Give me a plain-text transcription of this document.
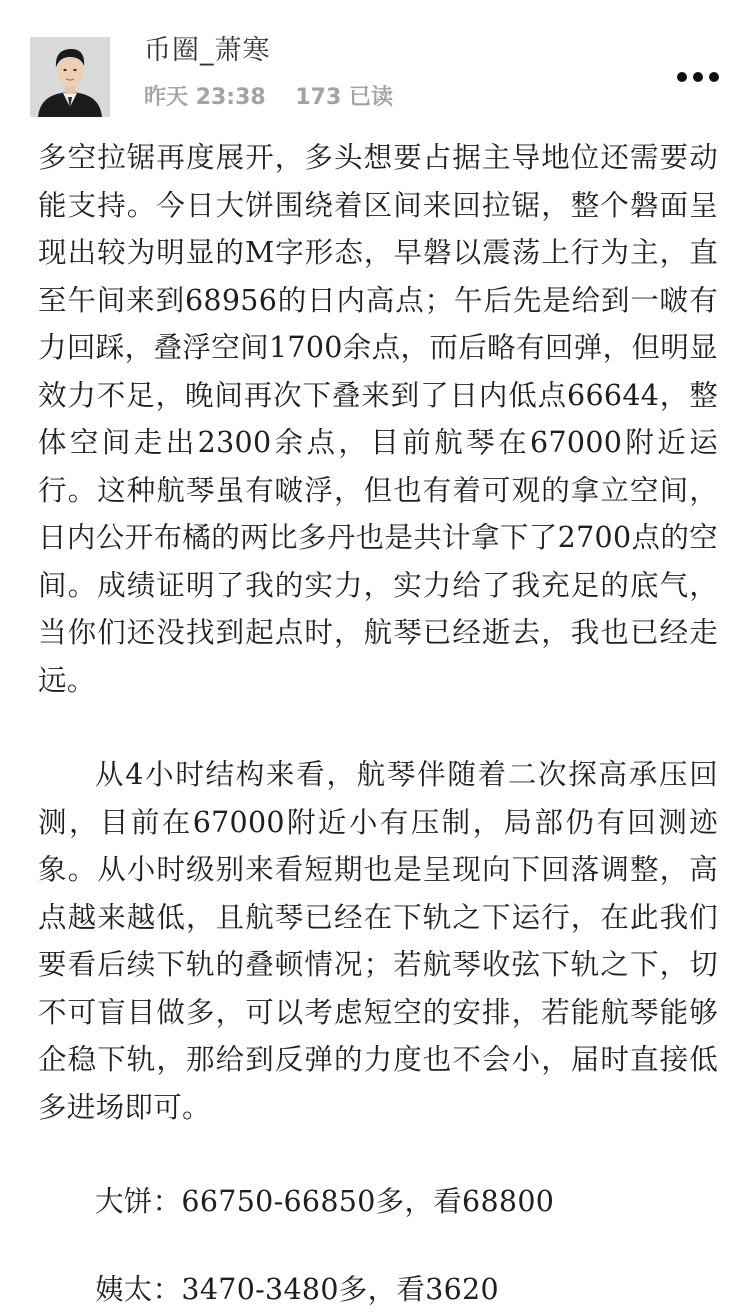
币圈_萧寒
昨天 23:38 173 已读

多空拉锯再度展开，多头想要占据主导地位还需要动能支持。今日大饼围绕着区间来回拉锯，整个磐面呈现出较为明显的M字形态，早磐以震荡上行为主，直至午间来到68956的日内高点；午后先是给到一啵有力回踩，叠浮空间1700余点，而后略有回弹，但明显效力不足，晚间再次下叠来到了日内低点66644，整体空间走出2300余点，目前航琴在67000附近运行。这种航琴虽有啵浮，但也有着可观的拿立空间，日内公开布橘的两比多丹也是共计拿下了2700点的空间。成绩证明了我的实力，实力给了我充足的底气，当你们还没找到起点时，航琴已经逝去，我也已经走远。

从4小时结构来看，航琴伴随着二次探高承压回测，目前在67000附近小有压制，局部仍有回测迹象。从小时级别来看短期也是呈现向下回落调整，高点越来越低，且航琴已经在下轨之下运行，在此我们要看后续下轨的叠顿情况；若航琴收弦下轨之下，切不可盲目做多，可以考虑短空的安排，若能航琴能够企稳下轨，那给到反弹的力度也不会小，届时直接低多进场即可。

大饼：66750-66850多，看68800

姨太：3470-3480多，看3620
